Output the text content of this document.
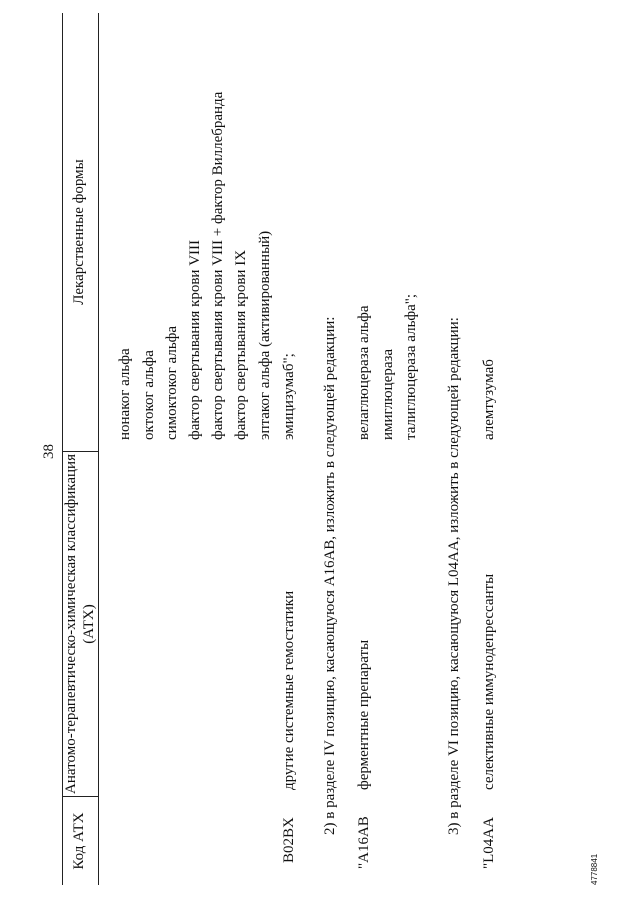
Код АТХ
Анатомо-терапевтическо-химическая классификация (АТХ)
Лекарственные формы
38
нонаког альфа октоког альфа симоктоког альфа фактор свертывания крови VIII фактор свертывания крови VIII + фактор Виллебранда фактор свертывания крови IX эптаког альфа (активированный) эмицизумаб";
B02BX
другие системные гемостатики 2) в разделе IV позицию, касающуюся A16AB, изложить в следующей редакции:
"A16AB
ферментные препараты
велаглюцераза альфа имиглюцераза талиглюцераза альфа"; 3) в разделе VI позицию, касающуюся L04AA, изложить в следующей редакции:
"L04AA
селективные иммунодепрессанты
алемтузумаб
4778841
